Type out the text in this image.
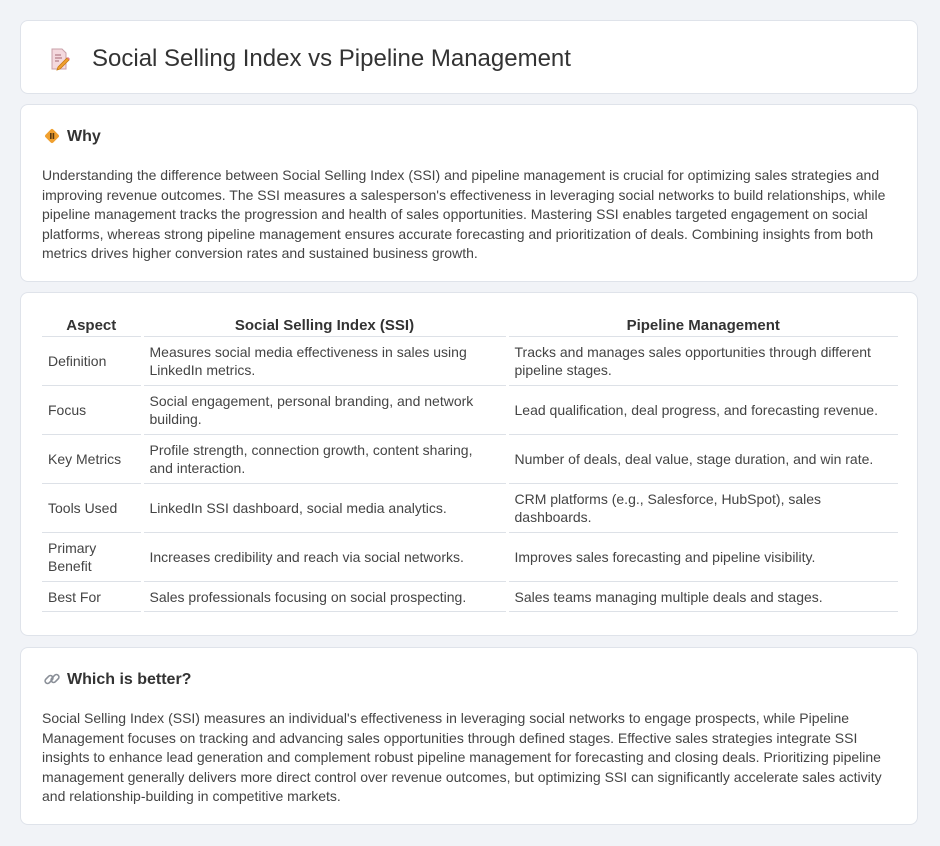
Social Selling Index vs Pipeline Management
Why

Understanding the difference between Social Selling Index (SSI) and pipeline management is crucial for optimizing sales strategies and improving revenue outcomes. The SSI measures a salesperson's effectiveness in leveraging social networks to build relationships, while pipeline management tracks the progression and health of sales opportunities. Mastering SSI enables targeted engagement on social platforms, whereas strong pipeline management ensures accurate forecasting and prioritization of deals. Combining insights from both metrics drives higher conversion rates and sustained business growth.

Aspect	Social Selling Index (SSI)	Pipeline Management
Definition	Measures social media effectiveness in sales using LinkedIn metrics.	Tracks and manages sales opportunities through different pipeline stages.
Focus	Social engagement, personal branding, and network building.	Lead qualification, deal progress, and forecasting revenue.
Key Metrics	Profile strength, connection growth, content sharing, and interaction.	Number of deals, deal value, stage duration, and win rate.
Tools Used	LinkedIn SSI dashboard, social media analytics.	CRM platforms (e.g., Salesforce, HubSpot), sales dashboards.
Primary Benefit	Increases credibility and reach via social networks.	Improves sales forecasting and pipeline visibility.
Best For	Sales professionals focusing on social prospecting.	Sales teams managing multiple deals and stages.
Which is better?

Social Selling Index (SSI) measures an individual's effectiveness in leveraging social networks to engage prospects, while Pipeline Management focuses on tracking and advancing sales opportunities through defined stages. Effective sales strategies integrate SSI insights to enhance lead generation and complement robust pipeline management for forecasting and closing deals. Prioritizing pipeline management generally delivers more direct control over revenue outcomes, but optimizing SSI can significantly accelerate sales activity and relationship-building in competitive markets.
